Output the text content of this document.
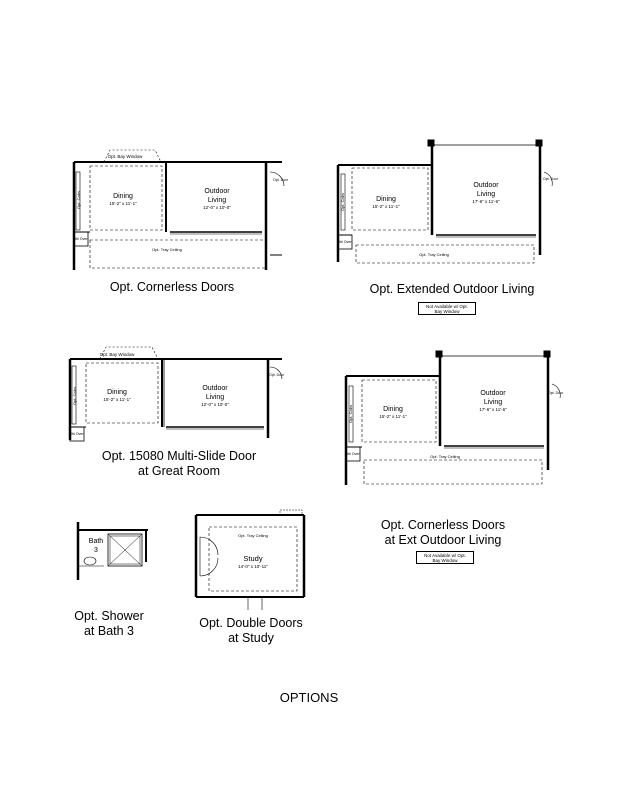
Opt. Bay Window
Dining
15'-2" x 11'-1"
Outdoor
Living
12'-0" x 10'-0"
Opt. Cabs
Dbl Oven
Opt. Tray Ceiling
Opt. Door
Dining
15'-2" x 11'-1"
Outdoor
Living
17'-6" x 11'-6"
Opt. Cabs
Dbl Oven
Opt. Tray Ceiling
Opt. Door
Opt. Bay Window
Dining
15'-2" x 11'-1"
Outdoor
Living
12'-0" x 10'-0"
Opt. Cabs
Dbl Oven
Opt. Door
Dining
15'-2" x 11'-1"
Outdoor
Living
17'-6" x 11'-6"
Opt. Cabs
Dbl Oven	Opt. Tray Ceiling
Opt. Door
Bath
3
Opt. Tray Ceiling
Study
14'-0" x 10'-11"
Opt. Cornerless Doors	Opt. Extended Outdoor Living
Not Available w/ Opt.
Bay Window
Opt. 15080 Multi-Slide Door
at Great Room
Opt. Cornerless Doors
at Ext Outdoor Living
Not Available w/ Opt.
Bay Window
Opt. Shower
at Bath 3
Opt. Double Doors
at Study
OPTIONS
